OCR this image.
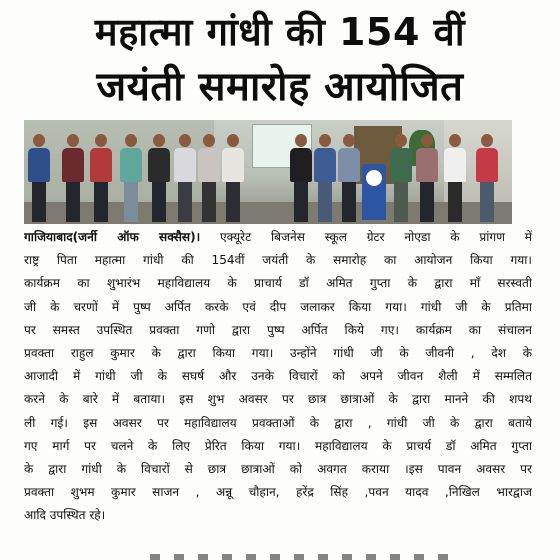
महात्मा गांधी की 154 वीं
जयंती समारोह आयोजित

गाजियाबाद(जर्नी ऑफ सक्सैस)। एक्यूरेट बिजनेस स्कूल ग्रेटर नोएडा के प्रांगण में
राष्ट्र पिता महात्मा गांधी की 154वीं जयंती के समारोह का आयोजन किया गया।
कार्यक्रम का शुभारंभ महाविद्यालय के प्राचार्य डॉ अमित गुप्ता के द्वारा माँ सरस्वती
जी के चरणों में पुष्प अर्पित करके एवं दीप जलाकर किया गया। गांधी जी के प्रतिमा
पर समस्त उपस्थित प्रवक्ता गणो द्वारा पुष्प अर्पित किये गए। कार्यक्रम का संचालन
प्रवक्ता राहुल कुमार के द्वारा किया गया। उन्होंने गांधी जी के जीवनी , देश के
आजादी में गांधी जी के सघर्ष और उनके विचारों को अपने जीवन शैली में सम्मलित
करने के बारे में बताया। इस शुभ अवसर पर छात्र छात्राओं के द्वारा मानने की शपथ
ली गई। इस अवसर पर महाविद्यालय प्रवक्ताओं के द्वारा , गांधी जी के द्वारा बताये
गए मार्ग पर चलने के लिए प्रेरित किया गया। महाविद्यालय के प्राचर्य डॉ अमित गुप्ता
के द्वारा गांधी के विचारों से छात्र छात्राओं को अवगत कराया ।इस पावन अवसर पर
प्रवक्ता शुभम कुमार साजन , अन्नू चौहान, हरेंद्र सिंह ,पवन यादव ,निखिल भारद्वाज
आदि उपस्थित रहे।
